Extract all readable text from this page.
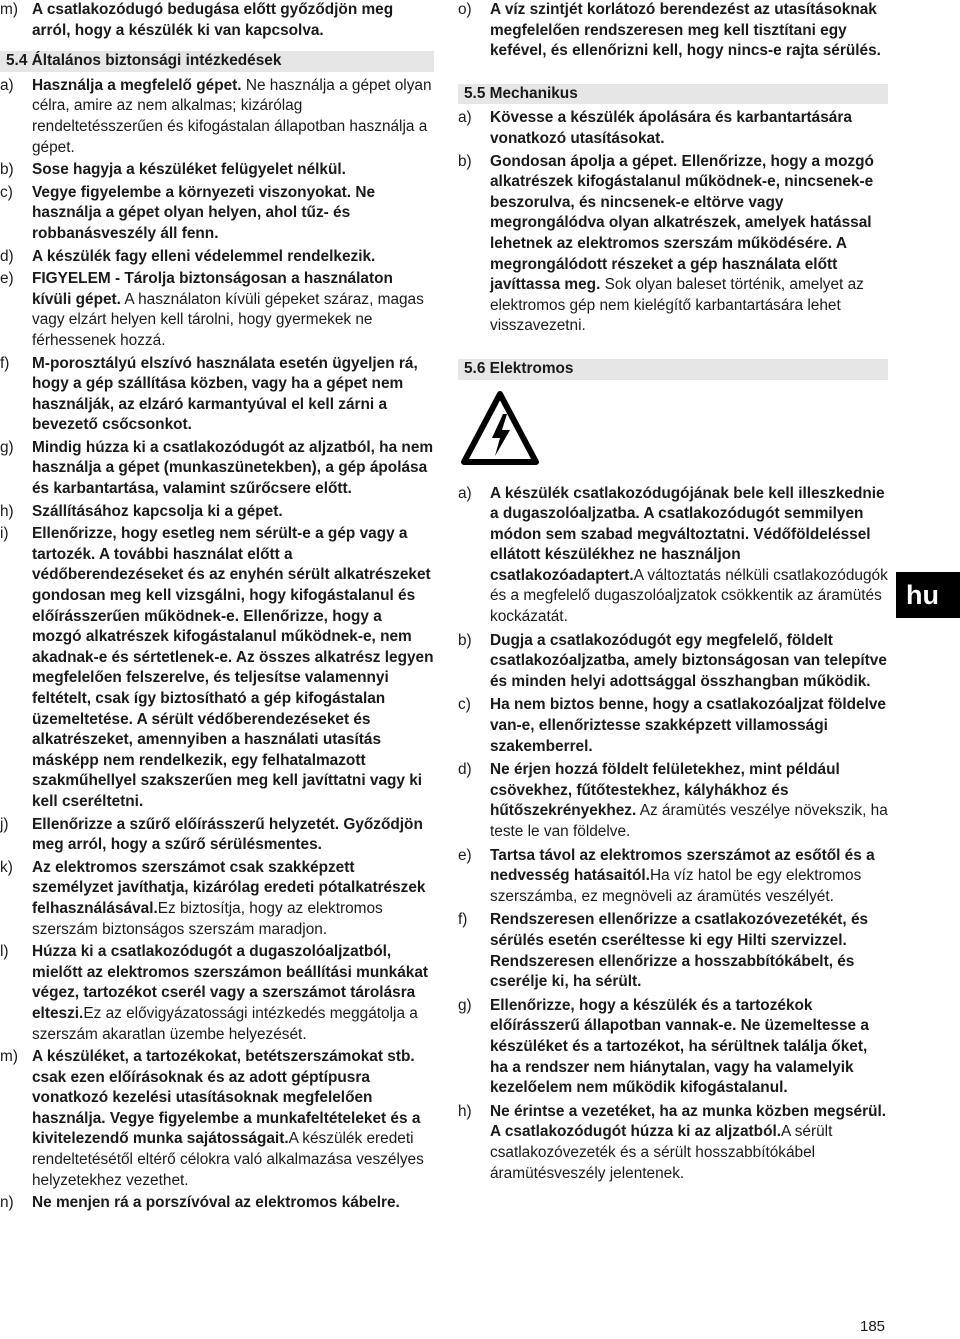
m) A csatlakozódugó bedugása előtt győződjön meg arról, hogy a készülék ki van kapcsolva.
5.4 Általános biztonsági intézkedések
a) Használja a megfelelő gépet. Ne használja a gépet olyan célra, amire az nem alkalmas; kizárólag rendeltetésszerűen és kifogástalan állapotban használja a gépet.
b) Sose hagyja a készüléket felügyelet nélkül.
c) Vegye figyelembe a környezeti viszonyokat. Ne használja a gépet olyan helyen, ahol tűz- és robbanásveszély áll fenn.
d) A készülék fagy elleni védelemmel rendelkezik.
e) FIGYELEM - Tárolja biztonságosan a használaton kívüli gépet. A használaton kívüli gépeket száraz, magas vagy elzárt helyen kell tárolni, hogy gyermekek ne férhessenek hozzá.
f) M-porosztályú elszívó használata esetén ügyeljen rá, hogy a gép szállítása közben, vagy ha a gépet nem használják, az elzáró karmantyúval el kell zárni a bevezető csőcsonkot.
g) Mindig húzza ki a csatlakozódugót az aljzatból, ha nem használja a gépet (munkaszünetekben), a gép ápolása és karbantartása, valamint szűrőcsere előtt.
h) Szállításához kapcsolja ki a gépet.
i) Ellenőrizze, hogy esetleg nem sérült-e a gép vagy a tartozék. A további használat előtt a védőberendezéseket és az enyhén sérült alkatrészeket gondosan meg kell vizsgálni, hogy kifogástalanul és előírásszerűen működnek-e. Ellenőrizze, hogy a mozgó alkatrészek kifogástalanul működnek-e, nem akadnak-e és sértetlenek-e. Az összes alkatrész legyen megfelelően felszerelve, és teljesítse valamennyi feltételt, csak így biztosítható a gép kifogástalan üzemeltetése. A sérült védőberendezéseket és alkatrészeket, amennyiben a használati utasítás másképp nem rendelkezik, egy felhatalmazott szakműhellyel szakszerűen meg kell javíttatni vagy ki kell cseréltetni.
j) Ellenőrizze a szűrő előírásszerű helyzetét. Győződjön meg arról, hogy a szűrő sérülésmentes.
k) Az elektromos szerszámot csak szakképzett személyzet javíthatja, kizárólag eredeti pótalkatrészek felhasználásával.Ez biztosítja, hogy az elektromos szerszám biztonságos szerszám maradjon.
l) Húzza ki a csatlakozódugót a dugaszolóaljzatból, mielőtt az elektromos szerszámon beállítási munkákat végez, tartozékot cserél vagy a szerszámot tárolásra elteszi.Ez az elővigyázatossági intézkedés meggátolja a szerszám akaratlan üzembe helyezését.
m) A készüléket, a tartozékokat, betétszerszámokat stb. csak ezen előírásoknak és az adott géptípusra vonatkozó kezelési utasításoknak megfelelően használja. Vegye figyelembe a munkafeltételeket és a kivitelezendő munka sajátosságait.A készülék eredeti rendeltetésétől eltérő célokra való alkalmazása veszélyes helyzetekhez vezethet.
n) Ne menjen rá a porszívóval az elektromos kábelre.
o) A víz szintjét korlátozó berendezést az utasításoknak megfelelően rendszeresen meg kell tisztítani egy kefével, és ellenőrizni kell, hogy nincs-e rajta sérülés.
5.5 Mechanikus
a) Kövesse a készülék ápolására és karbantartására vonatkozó utasításokat.
b) Gondosan ápolja a gépet. Ellenőrizze, hogy a mozgó alkatrészek kifogástalanul működnek-e, nincsenek-e beszorulva, és nincsenek-e eltörve vagy megrongálódva olyan alkatrészek, amelyek hatással lehetnek az elektromos szerszám működésére. A megrongálódott részeket a gép használata előtt javíttassa meg. Sok olyan baleset történik, amelyet az elektromos gép nem kielégítő karbantartására lehet visszavezetni.
5.6 Elektromos
a) A készülék csatlakozódugójának bele kell illeszkednie a dugaszolóaljzatba. A csatlakozódugót semmilyen módon sem szabad megváltoztatni. Védőföldeléssel ellátott készülékhez ne használjon csatlakozóadaptert.A változtatás nélküli csatlakozódugók és a megfelelő dugaszolóaljzatok csökkentik az áramütés kockázatát.
b) Dugja a csatlakozódugót egy megfelelő, földelt csatlakozóaljzatba, amely biztonságosan van telepítve és minden helyi adottsággal összhangban működik.
c) Ha nem biztos benne, hogy a csatlakozóaljzat földelve van-e, ellenőriztesse szakképzett villamossági szakemberrel.
d) Ne érjen hozzá földelt felületekhez, mint például csövekhez, fűtőtestekhez, kályhákhoz és hűtőszekrényekhez. Az áramütés veszélye növekszik, ha teste le van földelve.
e) Tartsa távol az elektromos szerszámot az esőtől és a nedvesség hatásaitól.Ha víz hatol be egy elektromos szerszámba, ez megnöveli az áramütés veszélyét.
f) Rendszeresen ellenőrizze a csatlakozóvezetékét, és sérülés esetén cseréltesse ki egy Hilti szervizzel. Rendszeresen ellenőrizze a hosszabbítókábelt, és cserélje ki, ha sérült.
g) Ellenőrizze, hogy a készülék és a tartozékok előírásszerű állapotban vannak-e. Ne üzemeltesse a készüléket és a tartozékot, ha sérültnek találja őket, ha a rendszer nem hiánytalan, vagy ha valamelyik kezelőelem nem működik kifogástalanul.
h) Ne érintse a vezetéket, ha az munka közben megsérül. A csatlakozódugót húzza ki az aljzatból.A sérült csatlakozóvezeték és a sérült hosszabbítókábel áramütésveszély jelentenek.
hu
185
